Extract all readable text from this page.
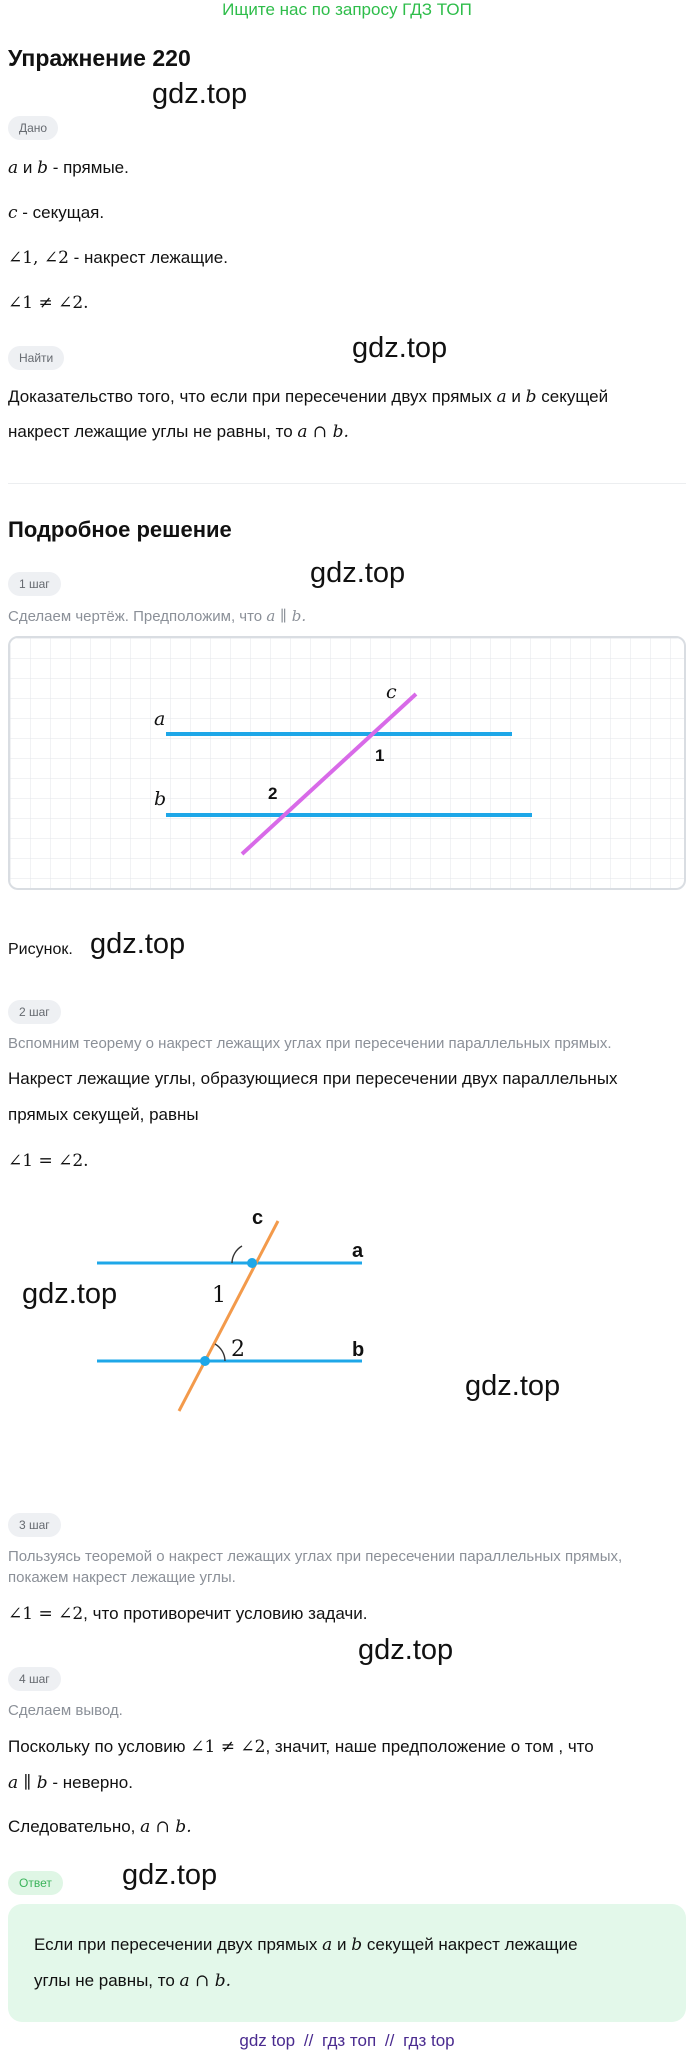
Ищите нас по запросу ГДЗ ТОП
Упражнение 220
gdz.top
Дано
a и b - прямые.
c - секущая.
∠1, ∠2 - накрест лежащие.
∠1 ≠ ∠2.
Найти	gdz.top
Доказательство того, что если при пересечении двух прямых a и b секущей
накрест лежащие углы не равны, то a ∩ b.
Подробное решение
1 шаг	gdz.top
Сделаем чертёж. Предположим, что a ∥ b.
a
b
c
1
2
Рисунок. gdz.top
2 шаг
Вспомним теорему о накрест лежащих углах при пересечении параллельных прямых.
Накрест лежащие углы, образующиеся при пересечении двух параллельных
прямых секущей, равны
∠1 = ∠2.
c
a
b
1
2
gdz.top
gdz.top
3 шаг
Пользуясь теоремой о накрест лежащих углах при пересечении параллельных прямых,
покажем накрест лежащие углы.
∠1 = ∠2, что противоречит условию задачи.
gdz.top
4 шаг
Сделаем вывод.
Поскольку по условию ∠1 ≠ ∠2, значит, наше предположение о том , что
a ∥ b - неверно.
Следовательно, a ∩ b.
Ответ	gdz.top
Если при пересечении двух прямых a и b секущей накрест лежащие
углы не равны, то a ∩ b.
gdz top // гдз топ // гдз top
